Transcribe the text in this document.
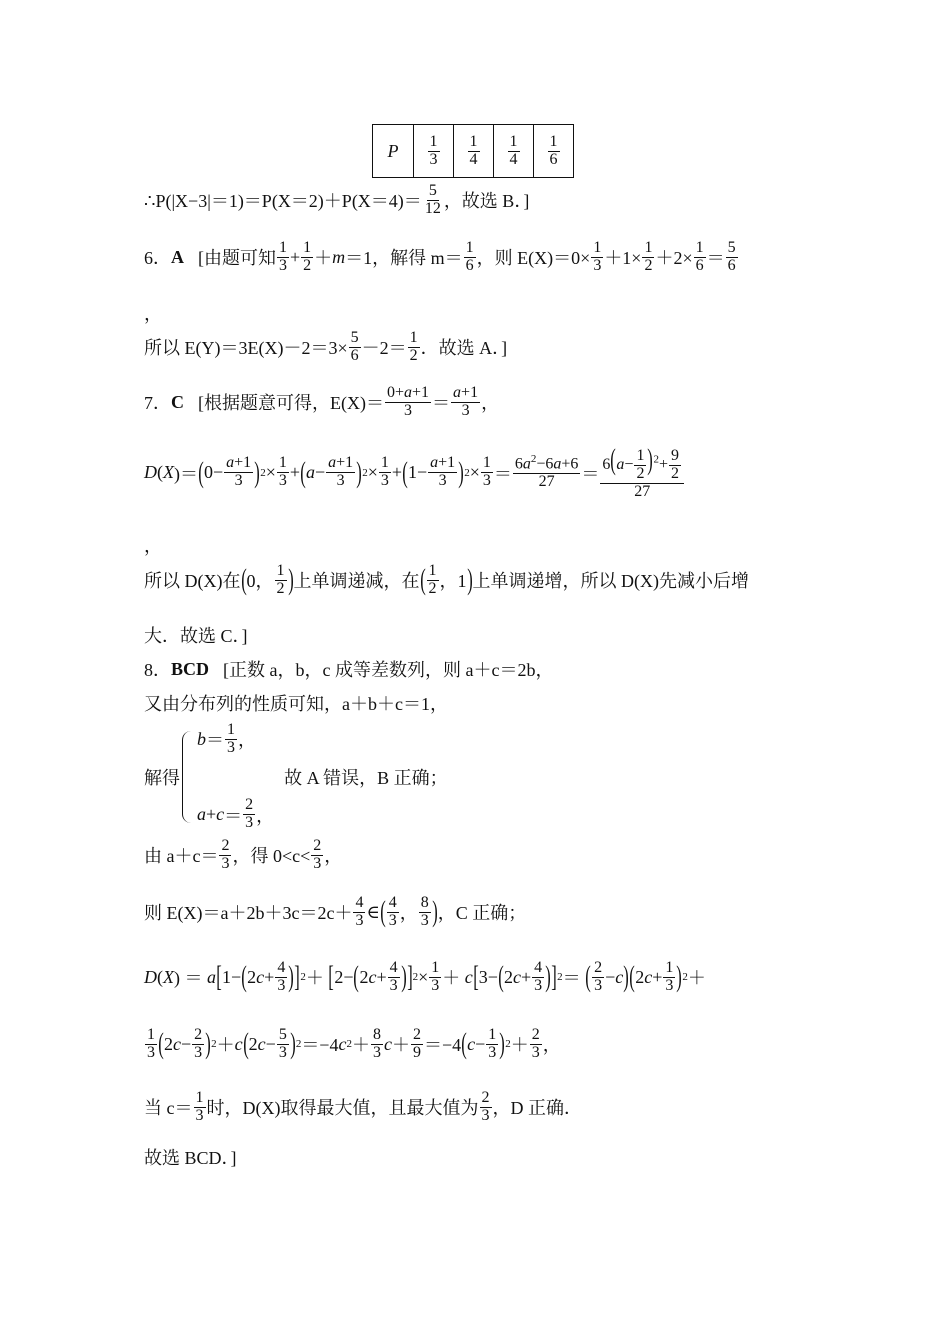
P	$\frac{1}{3}$	$\frac{1}{4}$	$\frac{1}{4}$	$\frac{1}{6}$
∴P(|X−3|＝1)＝P(X＝2)＋P(X＝4)＝ $\frac{5}{12}$ ，故选 B．]
6． A [由题可知 $\frac{1}{3} + \frac{1}{2} + m =1$ ，解得 $m= \frac{1}{6}$ ，则 $E(X)=0\times \frac{1}{3} +1\times \frac{1}{2} +2\times \frac{1}{6} = \frac{5}{6}$
，
所以 $E(Y)=3E(X)-2=3\times \frac{5}{6} -2= \frac{1}{2}$ ．故选 A．]
7． C [根据题意可得，$E(X)= \frac{0+a+1}{3} = \frac{a+1}{3}$ ，
D ( X )＝ ( $0- \frac{a+1}{3}$ ) $2 \times \frac{1}{3}$ + ( $a - \frac{a+1}{3}$ ) $2 \times \frac{1}{3}$ + ( $1- \frac{a+1}{3}$ ) $2 \times \frac{1}{3} = \frac{6a^2-6a+6}{27} = \frac{6(a- \frac{1}{2} )^2+ \frac{9}{2}}{27}$
，
所以 D(X)在 ( 0， $\frac{1}{2}$ ) 上单调递减，在 ( $\frac{1}{2}$ ，1 ) 上单调递增，所以 D(X)先减小后增
大．故选 C．]
8． BCD [正数 a，b，c 成等差数列，则 a＋c＝2b，
又由分布列的性质可知，a＋b＋c＝1，
解得
$b = \frac{1}{3}$ ，
$a + c = \frac{2}{3}$ ，
故 A 错误，B 正确；
由 $a+c= \frac{2}{3}$ ，得 $0<c< \frac{2}{3}$ ，
则 $E(X)=a+2b+3c=2c+ \frac{4}{3}$ ∈ ( $\frac{4}{3}$ ， $\frac{8}{3}$ ) ，C 正确；
D ( X ) ＝ a [ 1− ( 2 $c + \frac{4}{3}$ ) ] 2 ＋ [ 2− ( 2 $c + \frac{4}{3}$ ) ] $2 \times \frac{1}{3} + c$ [ 3− ( 2 $c + \frac{4}{3}$ ) ] 2 ＝ ( $\frac{2}{3} - c$ ) ( 2 $c + \frac{1}{3}$ ) 2 ＋
$\frac{1}{3}$ ( 2 $c - \frac{2}{3}$ ) 2 ＋ c ( 2 $c - \frac{5}{3}$ ) 2 ＝−4 c $2 + \frac{8}{3}$ $c + \frac{2}{9} =-4$ ( $c - \frac{1}{3}$ ) $2 + \frac{2}{3}$ ，
当 $c= \frac{1}{3}$ 时，D(X)取得最大值，且最大值为 $\frac{2}{3}$ ，D 正确．
故选 BCD．]
